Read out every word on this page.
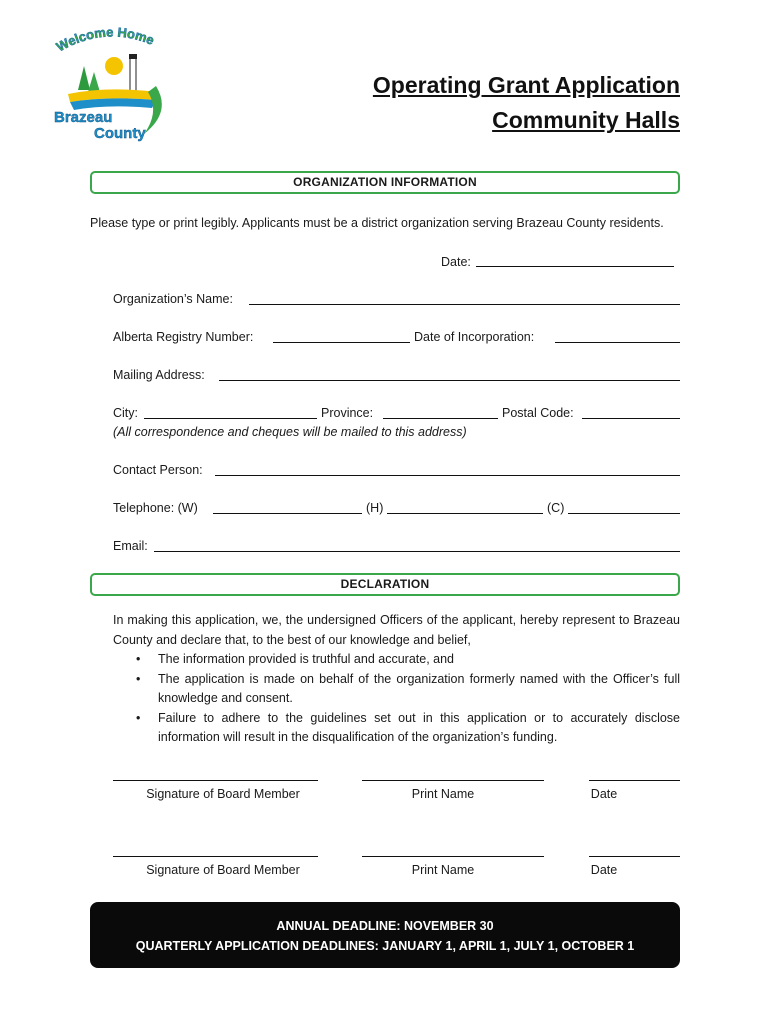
Welcome Home
Brazeau
County
Operating Grant Application
Community Halls
ORGANIZATION INFORMATION
Please type or print legibly. Applicants must be a district organization serving Brazeau County residents.
Date:
Organization’s Name:
Alberta Registry Number:	Date of Incorporation:
Mailing Address:
City:	Province:	Postal Code:
(All correspondence and cheques will be mailed to this address)
Contact Person:
Telephone: (W)	(H)	(C)
Email:
DECLARATION
In making this application, we, the undersigned Officers of the applicant, hereby represent to Brazeau County and declare that, to the best of our knowledge and belief,
• The information provided is truthful and accurate, and
• The application is made on behalf of the organization formerly named with the Officer’s full knowledge and consent.
• Failure to adhere to the guidelines set out in this application or to accurately disclose information will result in the disqualification of the organization’s funding.
Signature of Board Member	Print Name	Date
Signature of Board Member	Print Name	Date
ANNUAL DEADLINE: NOVEMBER 30
QUARTERLY APPLICATION DEADLINES: JANUARY 1, APRIL 1, JULY 1, OCTOBER 1
